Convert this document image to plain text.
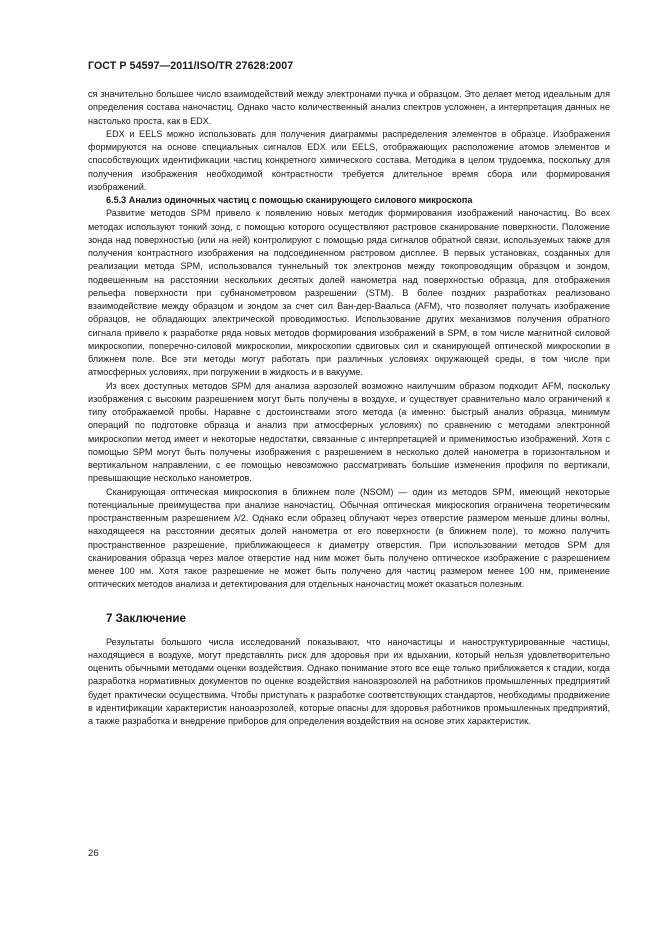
ГОСТ Р 54597—2011/ISO/TR 27628:2007

ся значительно большее число взаимодействий между электронами пучка и образцом. Это делает метод идеальным для определения состава наночастиц. Однако часто количественный анализ спектров усложнен, а интерпретация данных не настолько проста, как в EDX.

EDX и EELS можно использовать для получения диаграммы распределения элементов в образце. Изображения формируются на основе специальных сигналов EDX или EELS, отображающих расположение атомов элементов и способствующих идентификации частиц конкретного химического состава. Методика в целом трудоемка, поскольку для получения изображения необходимой контрастности требуется длительное время сбора или формирования изображений.

6.5.3 Анализ одиночных частиц с помощью сканирующего силового микроскопа

Развитие методов SPM привело к появлению новых методик формирования изображений наночастиц. Во всех методах используют тонкий зонд, с помощью которого осуществляют растровое сканирование поверхности. Положение зонда над поверхностью (или на ней) контролируют с помощью ряда сигналов обратной связи, используемых также для получения контрастного изображения на подсоединенном растровом дисплее. В первых установках, созданных для реализации метода SPM, использовался туннельный ток электронов между токопроводящим образцом и зондом, подвешенным на расстоянии нескольких десятых долей нанометра над поверхностью образца, для отображения рельефа поверхности при субнанометровом разрешении (STM). В более поздних разработках реализовано взаимодействие между образцом и зондом за счет сил Ван-дер-Ваальса (AFM), что позволяет получать изображение образцов, не обладающих электрической проводимостью. Использование других механизмов получения обратного сигнала привело к разработке ряда новых методов формирования изображений в SPM, в том числе магнитной силовой микроскопии, поперечно-силовой микроскопии, микроскопии сдвиговых сил и сканирующей оптической микроскопии в ближнем поле. Все эти методы могут работать при различных условиях окружающей среды, в том числе при атмосферных условиях, при погружении в жидкость и в вакууме.

Из всех доступных методов SPM для анализа аэрозолей возможно наилучшим образом подходит AFM, поскольку изображения с высоким разрешением могут быть получены в воздухе, и существует сравнительно мало ограничений к типу отображаемой пробы. Наравне с достоинствами этого метода (а именно: быстрый анализ образца, минимум операций по подготовке образца и анализ при атмосферных условиях) по сравнению с методами электронной микроскопии метод имеет и некоторые недостатки, связанные с интерпретацией и применимостью изображений. Хотя с помощью SPM могут быть получены изображения с разрешением в несколько долей нанометра в горизонтальном и вертикальном направлении, с ее помощью невозможно рассматривать большие изменения профиля по вертикали, превышающие несколько нанометров.

Сканирующая оптическая микроскопия в ближнем поле (NSOM) — один из методов SPM, имеющий некоторые потенциальные преимущества при анализе наночастиц. Обычная оптическая микроскопия ограничена теоретическим пространственным разрешением λ/2. Однако если образец облучают через отверстие размером меньше длины волны, находящееся на расстоянии десятых долей нанометра от его поверхности (в ближнем поле), то можно получить пространственное разрешение, приближающееся к диаметру отверстия. При использовании методов SPM для сканирования образца через малое отверстие над ним может быть получено оптическое изображение с разрешением менее 100 нм. Хотя такое разрешение не может быть получено для частиц размером менее 100 нм, применение оптических методов анализа и детектирования для отдельных наночастиц может оказаться полезным.

7 Заключение

Результаты большого числа исследований показывают, что наночастицы и наноструктурированные частицы, находящиеся в воздухе, могут представлять риск для здоровья при их вдыхании, который нельзя удовлетворительно оценить обычными методами оценки воздействия. Однако понимание этого все еще только приближается к стадии, когда разработка нормативных документов по оценке воздействия наноаэрозолей на работников промышленных предприятий будет практически осуществима. Чтобы приступать к разработке соответствующих стандартов, необходимы продвижение в идентификации характеристик наноаэрозолей, которые опасны для здоровья работников промышленных предприятий, а также разработка и внедрение приборов для определения воздействия на основе этих характеристик.

26
